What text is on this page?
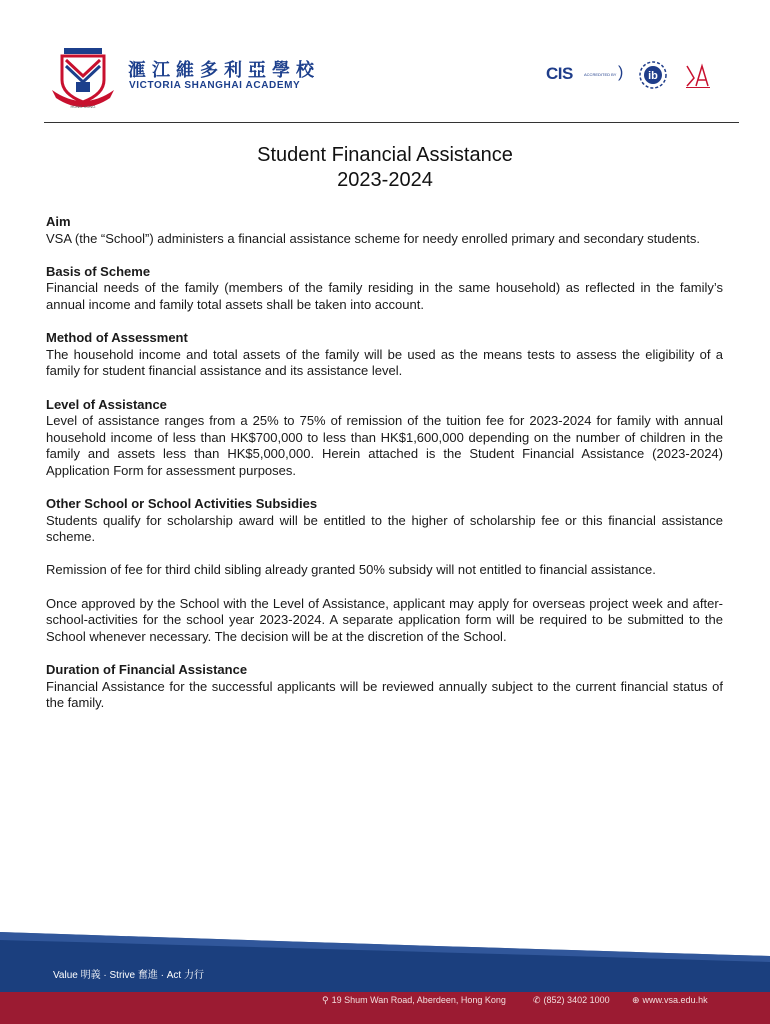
HONG KONG
滙江維多利亞學校
VICTORIA SHANGHAI ACADEMY
CIS	ACCREDITED BY ) ib
Student Financial Assistance
2023-2024
Aim
VSA (the “School”) administers a financial assistance scheme for needy enrolled primary and secondary students.
Basis of Scheme
Financial needs of the family (members of the family residing in the same household) as reflected in the family’s annual income and family total assets shall be taken into account.
Method of Assessment
The household income and total assets of the family will be used as the means tests to assess the eligibility of a family for student financial assistance and its assistance level.
Level of Assistance
Level of assistance ranges from a 25% to 75% of remission of the tuition fee for 2023-2024 for family with annual household income of less than HK$700,000 to less than HK$1,600,000 depending on the number of children in the family and assets less than HK$5,000,000. Herein attached is the Student Financial Assistance (2023-2024) Application Form for assessment purposes.
Other School or School Activities Subsidies
Students qualify for scholarship award will be entitled to the higher of scholarship fee or this financial assistance scheme.
Remission of fee for third child sibling already granted 50% subsidy will not entitled to financial assistance.
Once approved by the School with the Level of Assistance, applicant may apply for overseas project week and after-school-activities for the school year 2023-2024. A separate application form will be required to be submitted to the School whenever necessary. The decision will be at the discretion of the School.
Duration of Financial Assistance
Financial Assistance for the successful applicants will be reviewed annually subject to the current financial status of the family.
Value 明義 · Strive 奮進 · Act 力行
⚲ 19 Shum Wan Road, Aberdeen, Hong Kong	✆ (852) 3402 1000 ⊕ www.vsa.edu.hk
